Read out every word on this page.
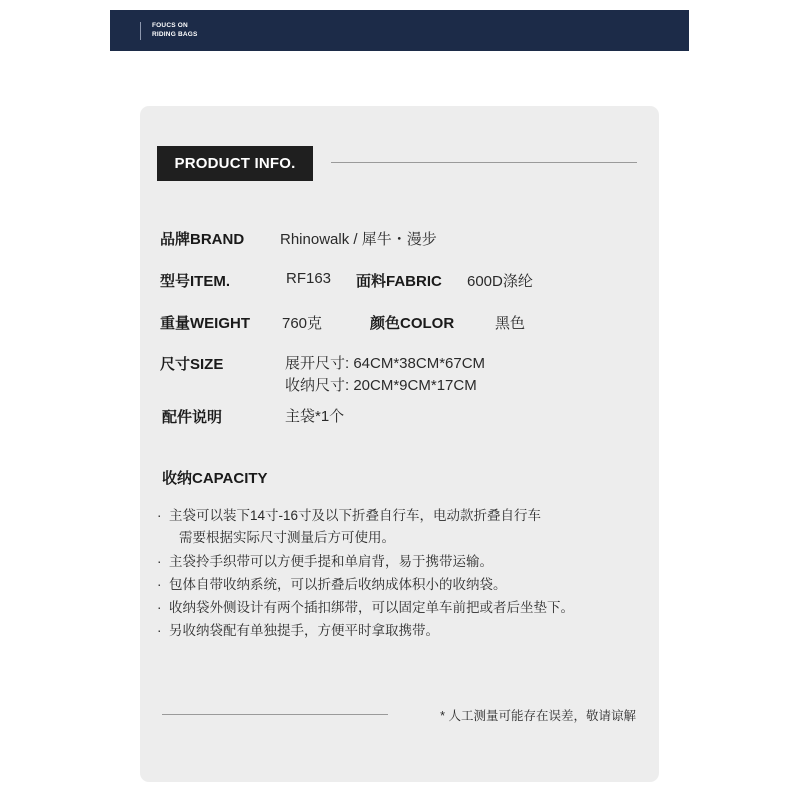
FOUCS ON
RIDING BAGS
PRODUCT INFO.
品牌BRAND Rhinowalk / 犀牛・漫步
型号ITEM.	RF163 面料FABRIC 600D涤纶
重量WEIGHT 760克	颜色COLOR	黑色
尺寸SIZE	展开尺寸: 64CM*38CM*67CM
收纳尺寸: 20CM*9CM*17CM
配件说明	主袋*1个
收纳CAPACITY
· 主袋可以装下14寸-16寸及以下折叠自行车，电动款折叠自行车
需要根据实际尺寸测量后方可使用。
· 主袋拎手织带可以方便手提和单肩背，易于携带运输。
· 包体自带收纳系统，可以折叠后收纳成体积小的收纳袋。
· 收纳袋外侧设计有两个插扣绑带，可以固定单车前把或者后坐垫下。
· 另收纳袋配有单独提手，方便平时拿取携带。
* 人工测量可能存在误差，敬请谅解
